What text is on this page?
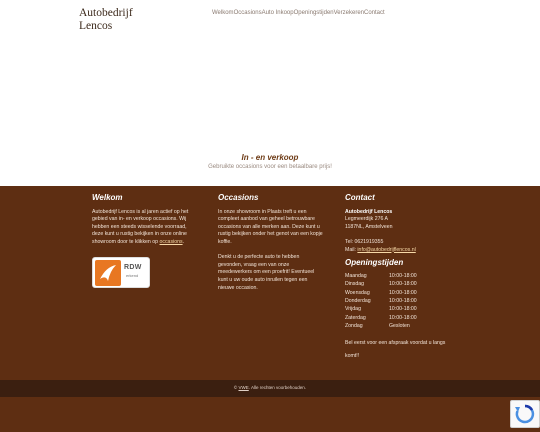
Autobedrijf
Lencos
Welkom Occasions Auto Inkoop Openingstijden Verzekeren Contact
In - en verkoop
Gebruikte occasions voor een betaalbare prijs!
Welkom

Autobedrijf Lencos is al jaren actief op het gebied van in- en verkoop occasions. Wij hebben een steeds wisselende voorraad, deze kunt u rustig bekijken in onze online showroom door te klikken op occasions.

RDW
erkend
Occasions

In onze showroom in Plaats treft u een compleet aanbod van geheel betrouwbare occasions van alle merken aan. Deze kunt u rustig bekijken onder het genot van een kopje koffie.

Denkt u de perfecte auto te hebben gevonden, vraag een van onze meedewerkers om een proefrit! Eventueel kunt u uw oude auto inruilen tegen een nieuwe occasion.

Contact
Autobedrijf Lencos
Legmeerdijk 276 A
1187NL, Amstelveen
Tel: 0621919355
Mail: info@autobedrijflencos.nl
Openingstijden
Maandag	10:00-18:00
Dinsdag	10:00-18:00
Woensdag	10:00-18:00
Donderdag	10:00-18:00
Vrijdag	10:00-18:00
Zaterdag	10:00-18:00
Zondag	Gesloten
Bel eerst voor een afspraak voordat u langs komt!!
© VWE. Alle rechten voorbehouden.
